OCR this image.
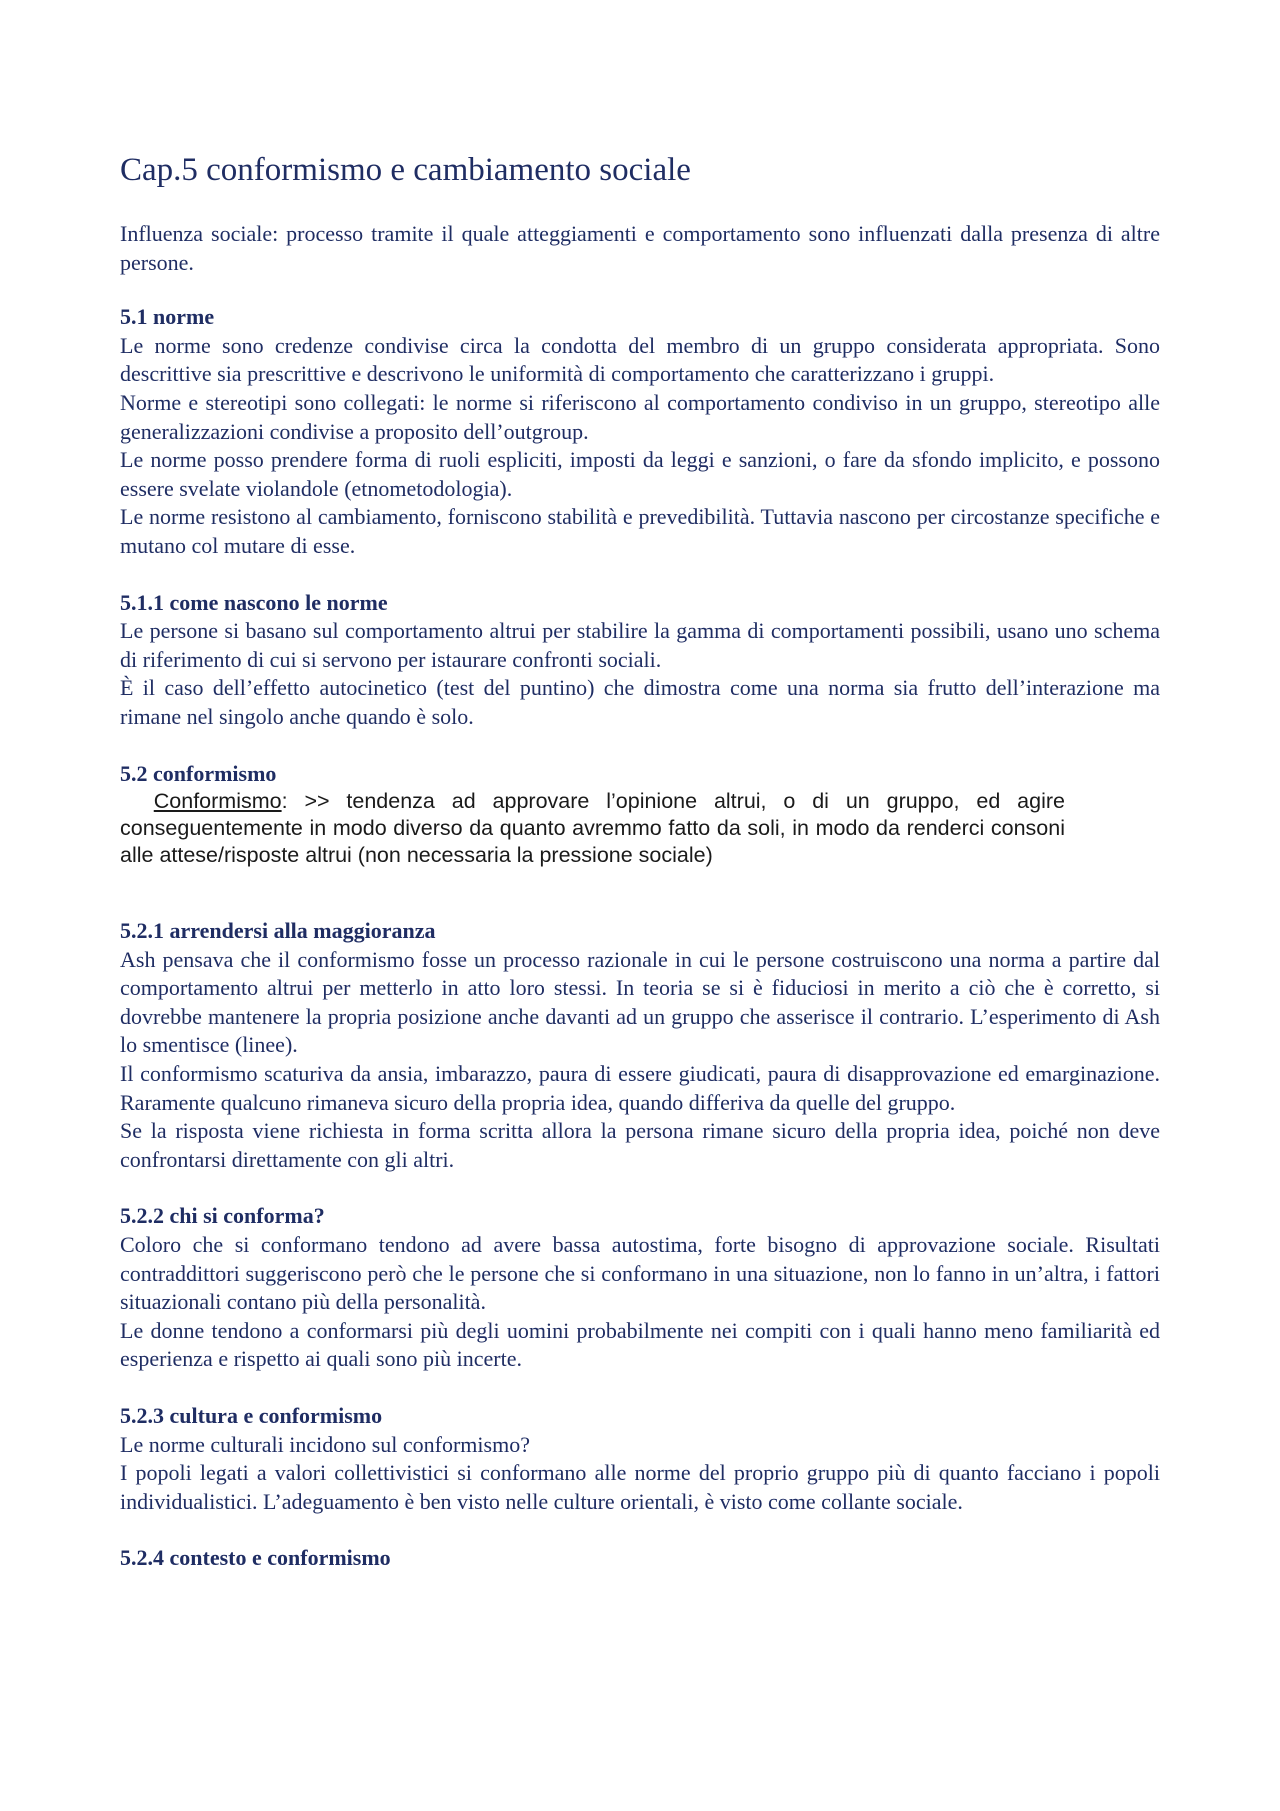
Cap.5 conformismo e cambiamento sociale

Influenza sociale: processo tramite il quale atteggiamenti e comportamento sono influenzati dalla presenza di altre persone.

5.1 norme

Le norme sono credenze condivise circa la condotta del membro di un gruppo considerata appropriata. Sono descrittive sia prescrittive e descrivono le uniformità di comportamento che caratterizzano i gruppi.

Norme e stereotipi sono collegati: le norme si riferiscono al comportamento condiviso in un gruppo, stereotipo alle generalizzazioni condivise a proposito dell’outgroup.

Le norme posso prendere forma di ruoli espliciti, imposti da leggi e sanzioni, o fare da sfondo implicito, e possono essere svelate violandole (etnometodologia).

Le norme resistono al cambiamento, forniscono stabilità e prevedibilità. Tuttavia nascono per circostanze specifiche e mutano col mutare di esse.

5.1.1 come nascono le norme

Le persone si basano sul comportamento altrui per stabilire la gamma di comportamenti possibili, usano uno schema di riferimento di cui si servono per istaurare confronti sociali.

È il caso dell’effetto autocinetico (test del puntino) che dimostra come una norma sia frutto dell’interazione ma rimane nel singolo anche quando è solo.

5.2 conformismo

Conformismo: >> tendenza ad approvare l’opinione altrui, o di un gruppo, ed agire conseguentemente in modo diverso da quanto avremmo fatto da soli, in modo da renderci consoni alle attese/risposte altrui (non necessaria la pressione sociale)

5.2.1 arrendersi alla maggioranza

Ash pensava che il conformismo fosse un processo razionale in cui le persone costruiscono una norma a partire dal comportamento altrui per metterlo in atto loro stessi. In teoria se si è fiduciosi in merito a ciò che è corretto, si dovrebbe mantenere la propria posizione anche davanti ad un gruppo che asserisce il contrario. L’esperimento di Ash lo smentisce (linee).

Il conformismo scaturiva da ansia, imbarazzo, paura di essere giudicati, paura di disapprovazione ed emarginazione. Raramente qualcuno rimaneva sicuro della propria idea, quando differiva da quelle del gruppo.

Se la risposta viene richiesta in forma scritta allora la persona rimane sicuro della propria idea, poiché non deve confrontarsi direttamente con gli altri.

5.2.2 chi si conforma?

Coloro che si conformano tendono ad avere bassa autostima, forte bisogno di approvazione sociale. Risultati contraddittori suggeriscono però che le persone che si conformano in una situazione, non lo fanno in un’altra, i fattori situazionali contano più della personalità.

Le donne tendono a conformarsi più degli uomini probabilmente nei compiti con i quali hanno meno familiarità ed esperienza e rispetto ai quali sono più incerte.

5.2.3 cultura e conformismo

Le norme culturali incidono sul conformismo?

I popoli legati a valori collettivistici si conformano alle norme del proprio gruppo più di quanto facciano i popoli individualistici. L’adeguamento è ben visto nelle culture orientali, è visto come collante sociale.

5.2.4 contesto e conformismo
